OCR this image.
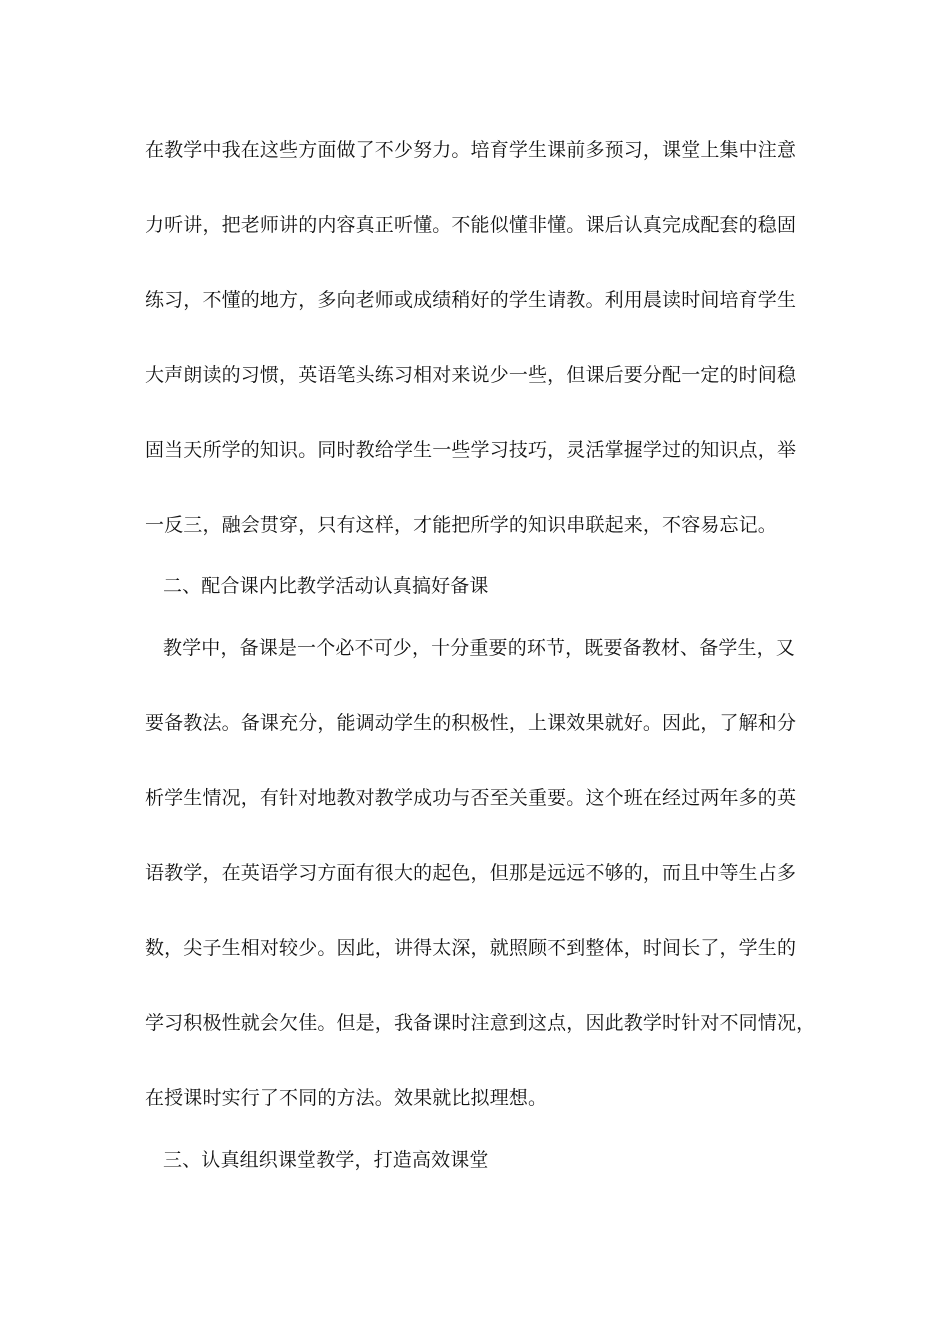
在教学中我在这些方面做了不少努力。培育学生课前多预习，课堂上集中注意
力听讲，把老师讲的内容真正听懂。不能似懂非懂。课后认真完成配套的稳固
练习，不懂的地方，多向老师或成绩稍好的学生请教。利用晨读时间培育学生
大声朗读的习惯，英语笔头练习相对来说少一些，但课后要分配一定的时间稳
固当天所学的知识。同时教给学生一些学习技巧，灵活掌握学过的知识点，举
一反三，融会贯穿，只有这样，才能把所学的知识串联起来，不容易忘记。
二、配合课内比教学活动认真搞好备课
教学中，备课是一个必不可少，十分重要的环节，既要备教材、备学生，又
要备教法。备课充分，能调动学生的积极性，上课效果就好。因此，了解和分
析学生情况，有针对地教对教学成功与否至关重要。这个班在经过两年多的英
语教学，在英语学习方面有很大的起色，但那是远远不够的，而且中等生占多
数，尖子生相对较少。因此，讲得太深，就照顾不到整体，时间长了，学生的
学习积极性就会欠佳。但是，我备课时注意到这点，因此教学时针对不同情况，
在授课时实行了不同的方法。效果就比拟理想。
三、认真组织课堂教学，打造高效课堂
